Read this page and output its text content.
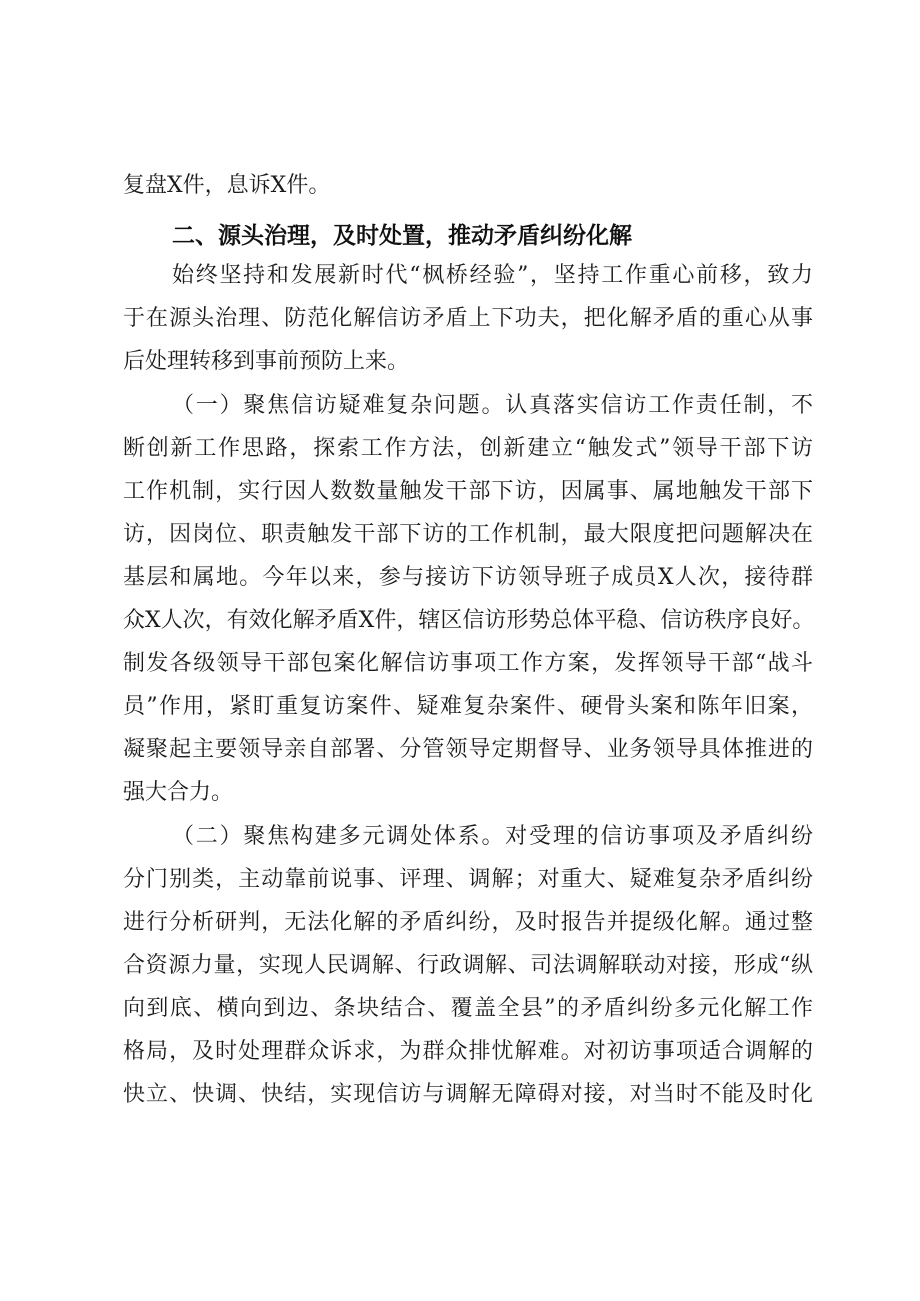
复盘X件，息诉X件。
二、源头治理，及时处置，推动矛盾纠纷化解
始终坚持和发展新时代“枫桥经验”，坚持工作重心前移，致力
于在源头治理、防范化解信访矛盾上下功夫，把化解矛盾的重心从事
后处理转移到事前预防上来。
（一）聚焦信访疑难复杂问题。认真落实信访工作责任制，不
断创新工作思路，探索工作方法，创新建立“触发式”领导干部下访
工作机制，实行因人数数量触发干部下访，因属事、属地触发干部下
访，因岗位、职责触发干部下访的工作机制，最大限度把问题解决在
基层和属地。今年以来，参与接访下访领导班子成员X人次，接待群
众X人次，有效化解矛盾X件，辖区信访形势总体平稳、信访秩序良好。
制发各级领导干部包案化解信访事项工作方案，发挥领导干部“战斗
员”作用，紧盯重复访案件、疑难复杂案件、硬骨头案和陈年旧案，
凝聚起主要领导亲自部署、分管领导定期督导、业务领导具体推进的
强大合力。
（二）聚焦构建多元调处体系。对受理的信访事项及矛盾纠纷
分门别类，主动靠前说事、评理、调解；对重大、疑难复杂矛盾纠纷
进行分析研判，无法化解的矛盾纠纷，及时报告并提级化解。通过整
合资源力量，实现人民调解、行政调解、司法调解联动对接，形成“纵
向到底、横向到边、条块结合、覆盖全县”的矛盾纠纷多元化解工作
格局，及时处理群众诉求，为群众排忧解难。对初访事项适合调解的
快立、快调、快结，实现信访与调解无障碍对接，对当时不能及时化
